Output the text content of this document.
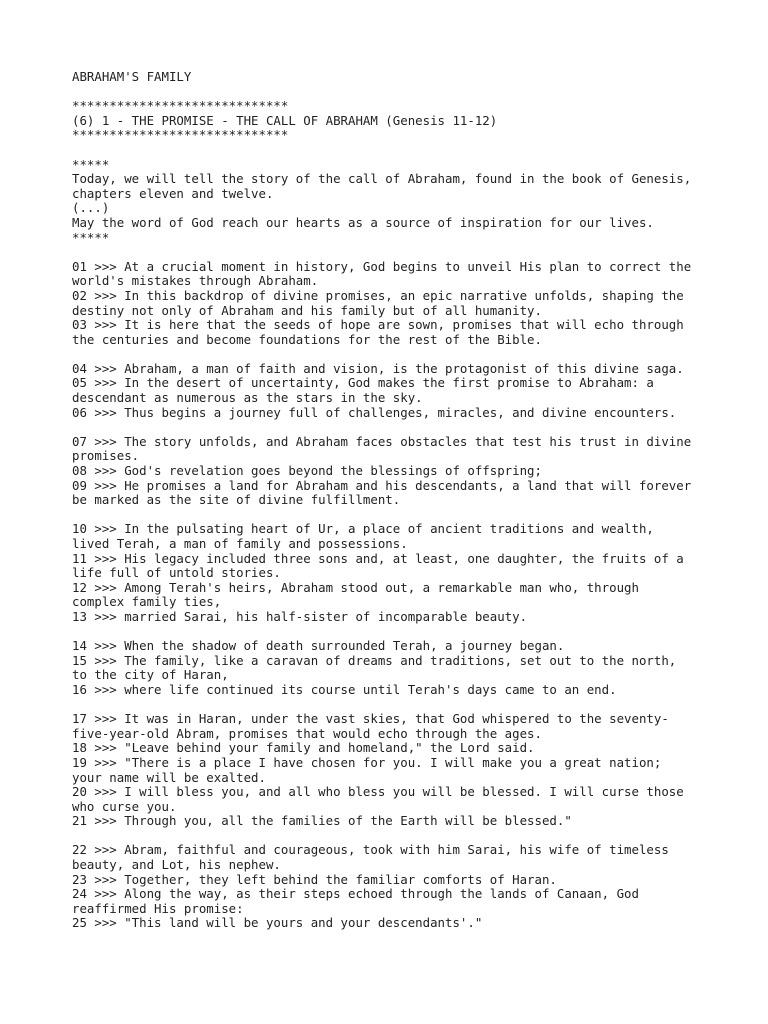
ABRAHAM'S FAMILY
*****************************
(6) 1 - THE PROMISE - THE CALL OF ABRAHAM (Genesis 11-12)
*****************************
*****
Today, we will tell the story of the call of Abraham, found in the book of Genesis,
chapters eleven and twelve.
(...)
May the word of God reach our hearts as a source of inspiration for our lives.
*****
01 >>> At a crucial moment in history, God begins to unveil His plan to correct the
world's mistakes through Abraham.
02 >>> In this backdrop of divine promises, an epic narrative unfolds, shaping the
destiny not only of Abraham and his family but of all humanity.
03 >>> It is here that the seeds of hope are sown, promises that will echo through
the centuries and become foundations for the rest of the Bible.
04 >>> Abraham, a man of faith and vision, is the protagonist of this divine saga.
05 >>> In the desert of uncertainty, God makes the first promise to Abraham: a
descendant as numerous as the stars in the sky.
06 >>> Thus begins a journey full of challenges, miracles, and divine encounters.
07 >>> The story unfolds, and Abraham faces obstacles that test his trust in divine
promises.
08 >>> God's revelation goes beyond the blessings of offspring;
09 >>> He promises a land for Abraham and his descendants, a land that will forever
be marked as the site of divine fulfillment.
10 >>> In the pulsating heart of Ur, a place of ancient traditions and wealth,
lived Terah, a man of family and possessions.
11 >>> His legacy included three sons and, at least, one daughter, the fruits of a
life full of untold stories.
12 >>> Among Terah's heirs, Abraham stood out, a remarkable man who, through
complex family ties,
13 >>> married Sarai, his half-sister of incomparable beauty.
14 >>> When the shadow of death surrounded Terah, a journey began.
15 >>> The family, like a caravan of dreams and traditions, set out to the north,
to the city of Haran,
16 >>> where life continued its course until Terah's days came to an end.
17 >>> It was in Haran, under the vast skies, that God whispered to the seventy-
five-year-old Abram, promises that would echo through the ages.
18 >>> "Leave behind your family and homeland," the Lord said.
19 >>> "There is a place I have chosen for you. I will make you a great nation;
your name will be exalted.
20 >>> I will bless you, and all who bless you will be blessed. I will curse those
who curse you.
21 >>> Through you, all the families of the Earth will be blessed."
22 >>> Abram, faithful and courageous, took with him Sarai, his wife of timeless
beauty, and Lot, his nephew.
23 >>> Together, they left behind the familiar comforts of Haran.
24 >>> Along the way, as their steps echoed through the lands of Canaan, God
reaffirmed His promise:
25 >>> "This land will be yours and your descendants'."
